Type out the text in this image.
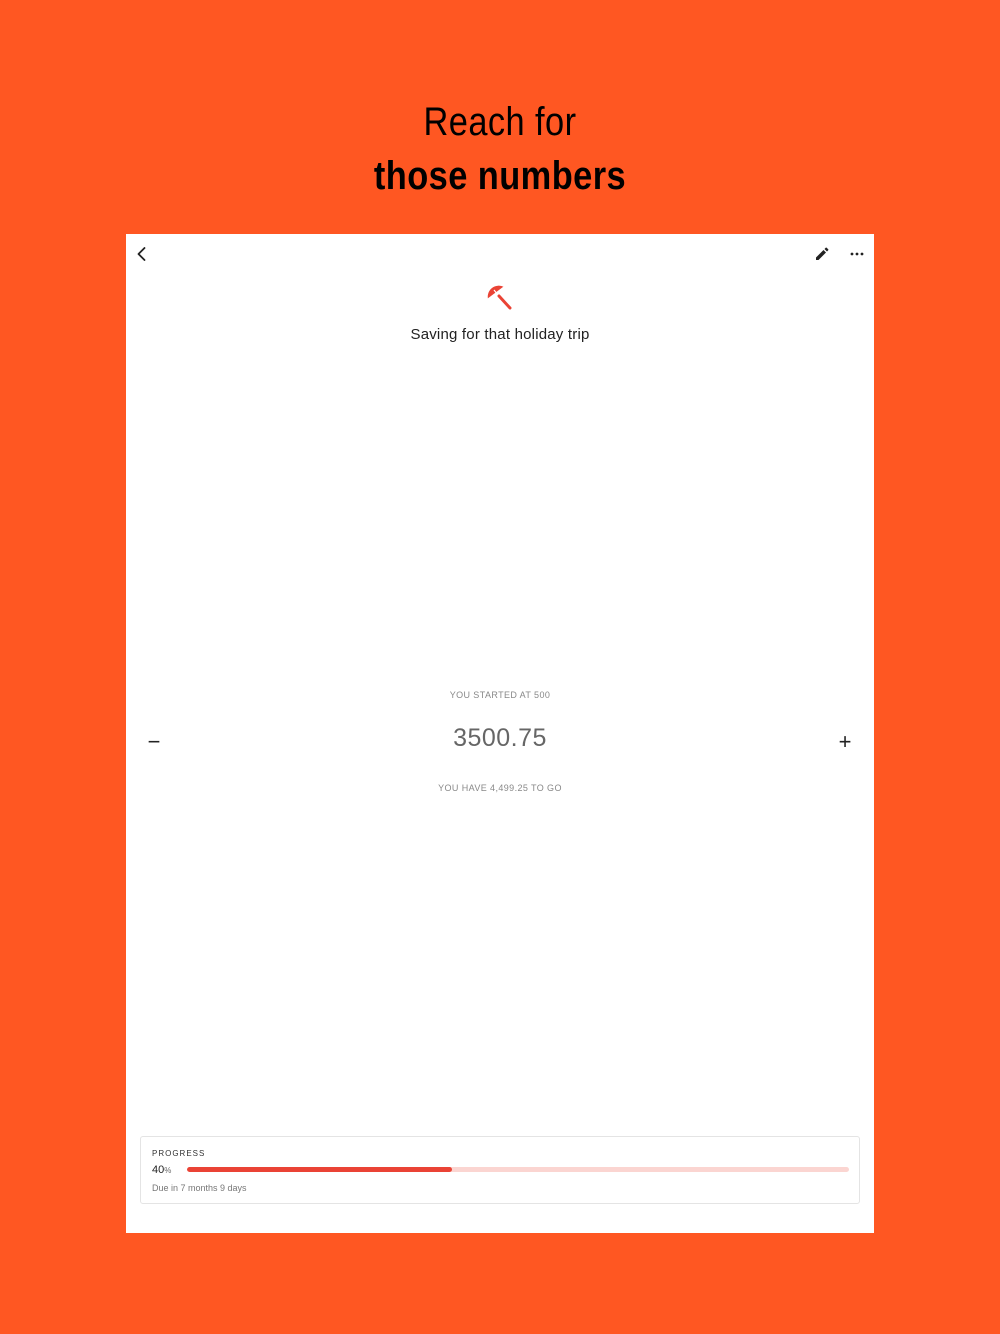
Reach for
those numbers
Saving for that holiday trip
YOU STARTED AT 500
−	3500.75	+
YOU HAVE 4,499.25 TO GO
PROGRESS
40%
Due in 7 months 9 days
